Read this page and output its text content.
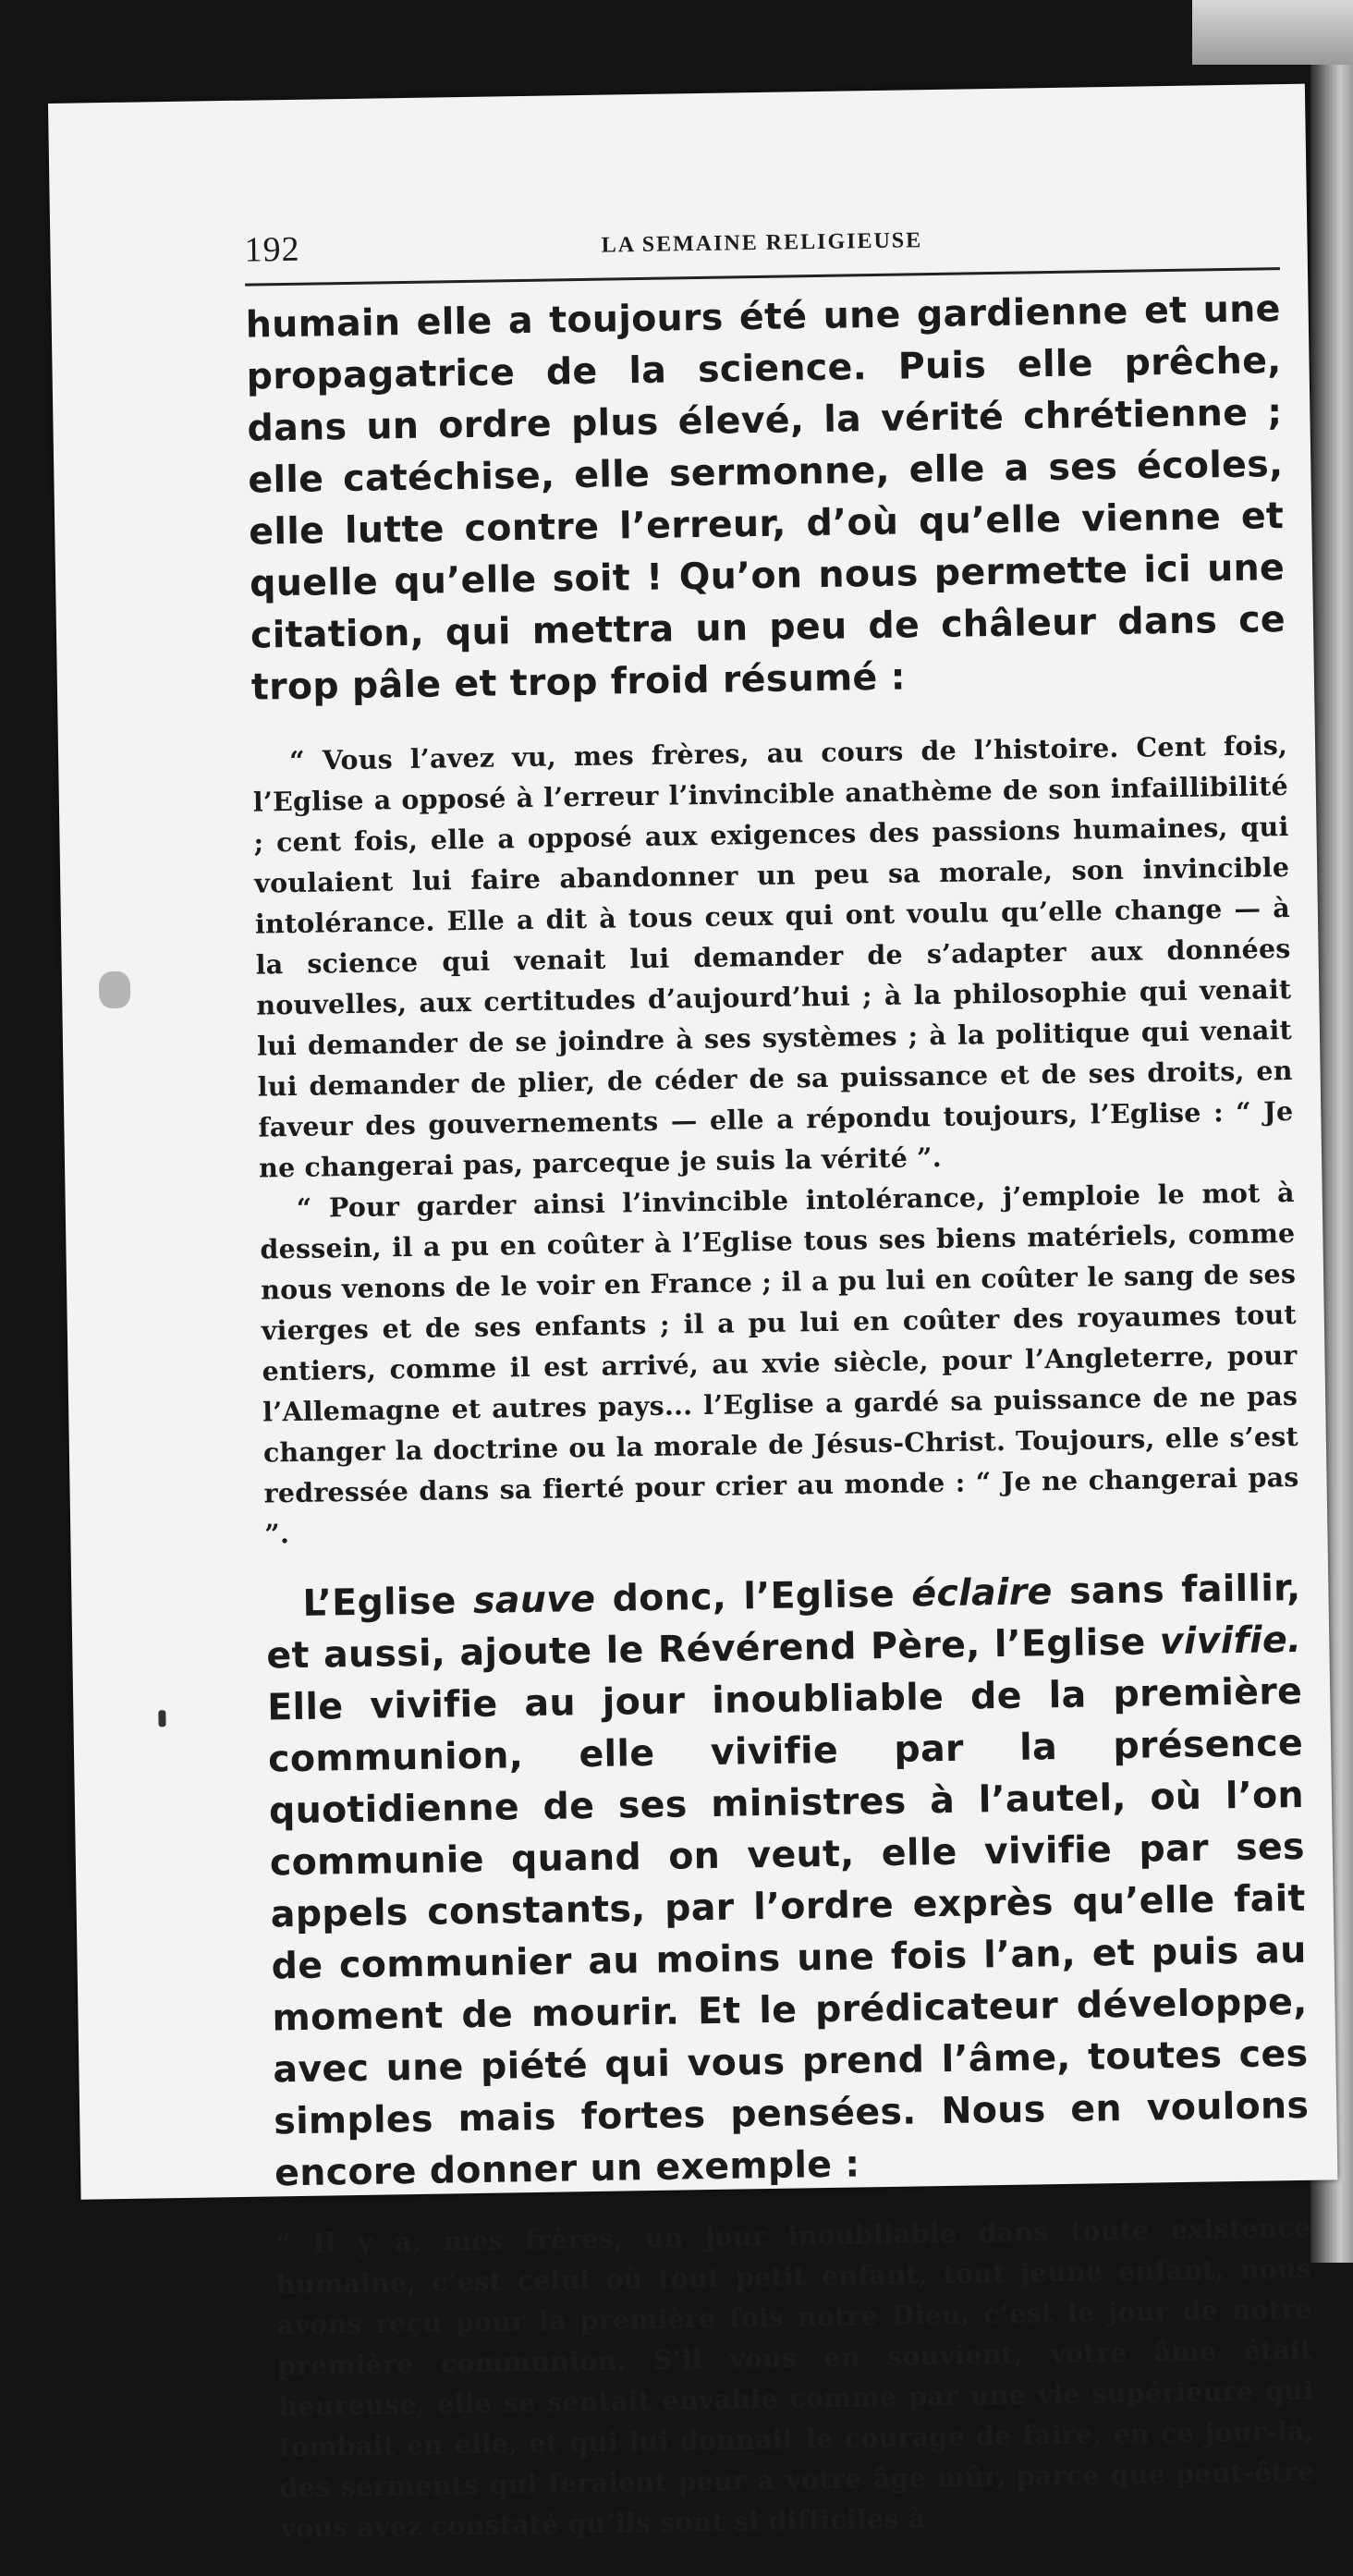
192	LA SEMAINE RELIGIEUSE

humain elle a toujours été une gardienne et une propagatrice de la science. Puis elle prêche, dans un ordre plus élevé, la vérité chrétienne ; elle catéchise, elle sermonne, elle a ses écoles, elle lutte contre l’erreur, d’où qu’elle vienne et quelle qu’elle soit ! Qu’on nous permette ici une citation, qui mettra un peu de châleur dans ce trop pâle et trop froid résumé :

“ Vous l’avez vu, mes frères, au cours de l’histoire. Cent fois, l’Eglise a opposé à l’erreur l’invincible anathème de son infaillibilité ; cent fois, elle a opposé aux exigences des passions humaines, qui voulaient lui faire abandonner un peu sa morale, son invincible intolérance. Elle a dit à tous ceux qui ont voulu qu’elle change — à la science qui venait lui demander de s’adapter aux données nouvelles, aux certitudes d’aujourd’hui ; à la philosophie qui venait lui demander de se joindre à ses systèmes ; à la politique qui venait lui demander de plier, de céder de sa puissance et de ses droits, en faveur des gouvernements — elle a répondu toujours, l’Eglise : “ Je ne changerai pas, parceque je suis la vérité ”.

“ Pour garder ainsi l’invincible intolérance, j’emploie le mot à dessein, il a pu en coûter à l’Eglise tous ses biens matériels, comme nous venons de le voir en France ; il a pu lui en coûter le sang de ses vierges et de ses enfants ; il a pu lui en coûter des royaumes tout entiers, comme il est arrivé, au xvie siècle, pour l’Angleterre, pour l’Allemagne et autres pays... l’Eglise a gardé sa puissance de ne pas changer la doctrine ou la morale de Jésus-Christ. Toujours, elle s’est redressée dans sa fierté pour crier au monde : “ Je ne changerai pas ”.

L’Eglise sauve donc, l’Eglise éclaire sans faillir, et aussi, ajoute le Révérend Père, l’Eglise vivifie. Elle vivifie au jour inoubliable de la première communion, elle vivifie par la présence quotidienne de ses ministres à l’autel, où l’on communie quand on veut, elle vivifie par ses appels constants, par l’ordre exprès qu’elle fait de communier au moins une fois l’an, et puis au moment de mourir. Et le prédicateur développe, avec une piété qui vous prend l’âme, toutes ces simples mais fortes pensées. Nous en voulons encore donner un exemple :

“ Il y a, mes frères, un jour inoubliable dans toute existence humaine, c’est celui où tout petit enfant, tout jeune enfant, nous avons reçu pour la première fois notre Dieu, c’est le jour de notre première communion. S’il vous en souvient, votre âme était heureuse, elle se sentait envahie comme par une vie supérieure qui tombait en elle, et qui lui donnait le courage de faire, en ce jour-là, des serments qui feraient peur à votre âge mûr, parce que peut-être vous avez constaté qu’ils sont si difficiles à
